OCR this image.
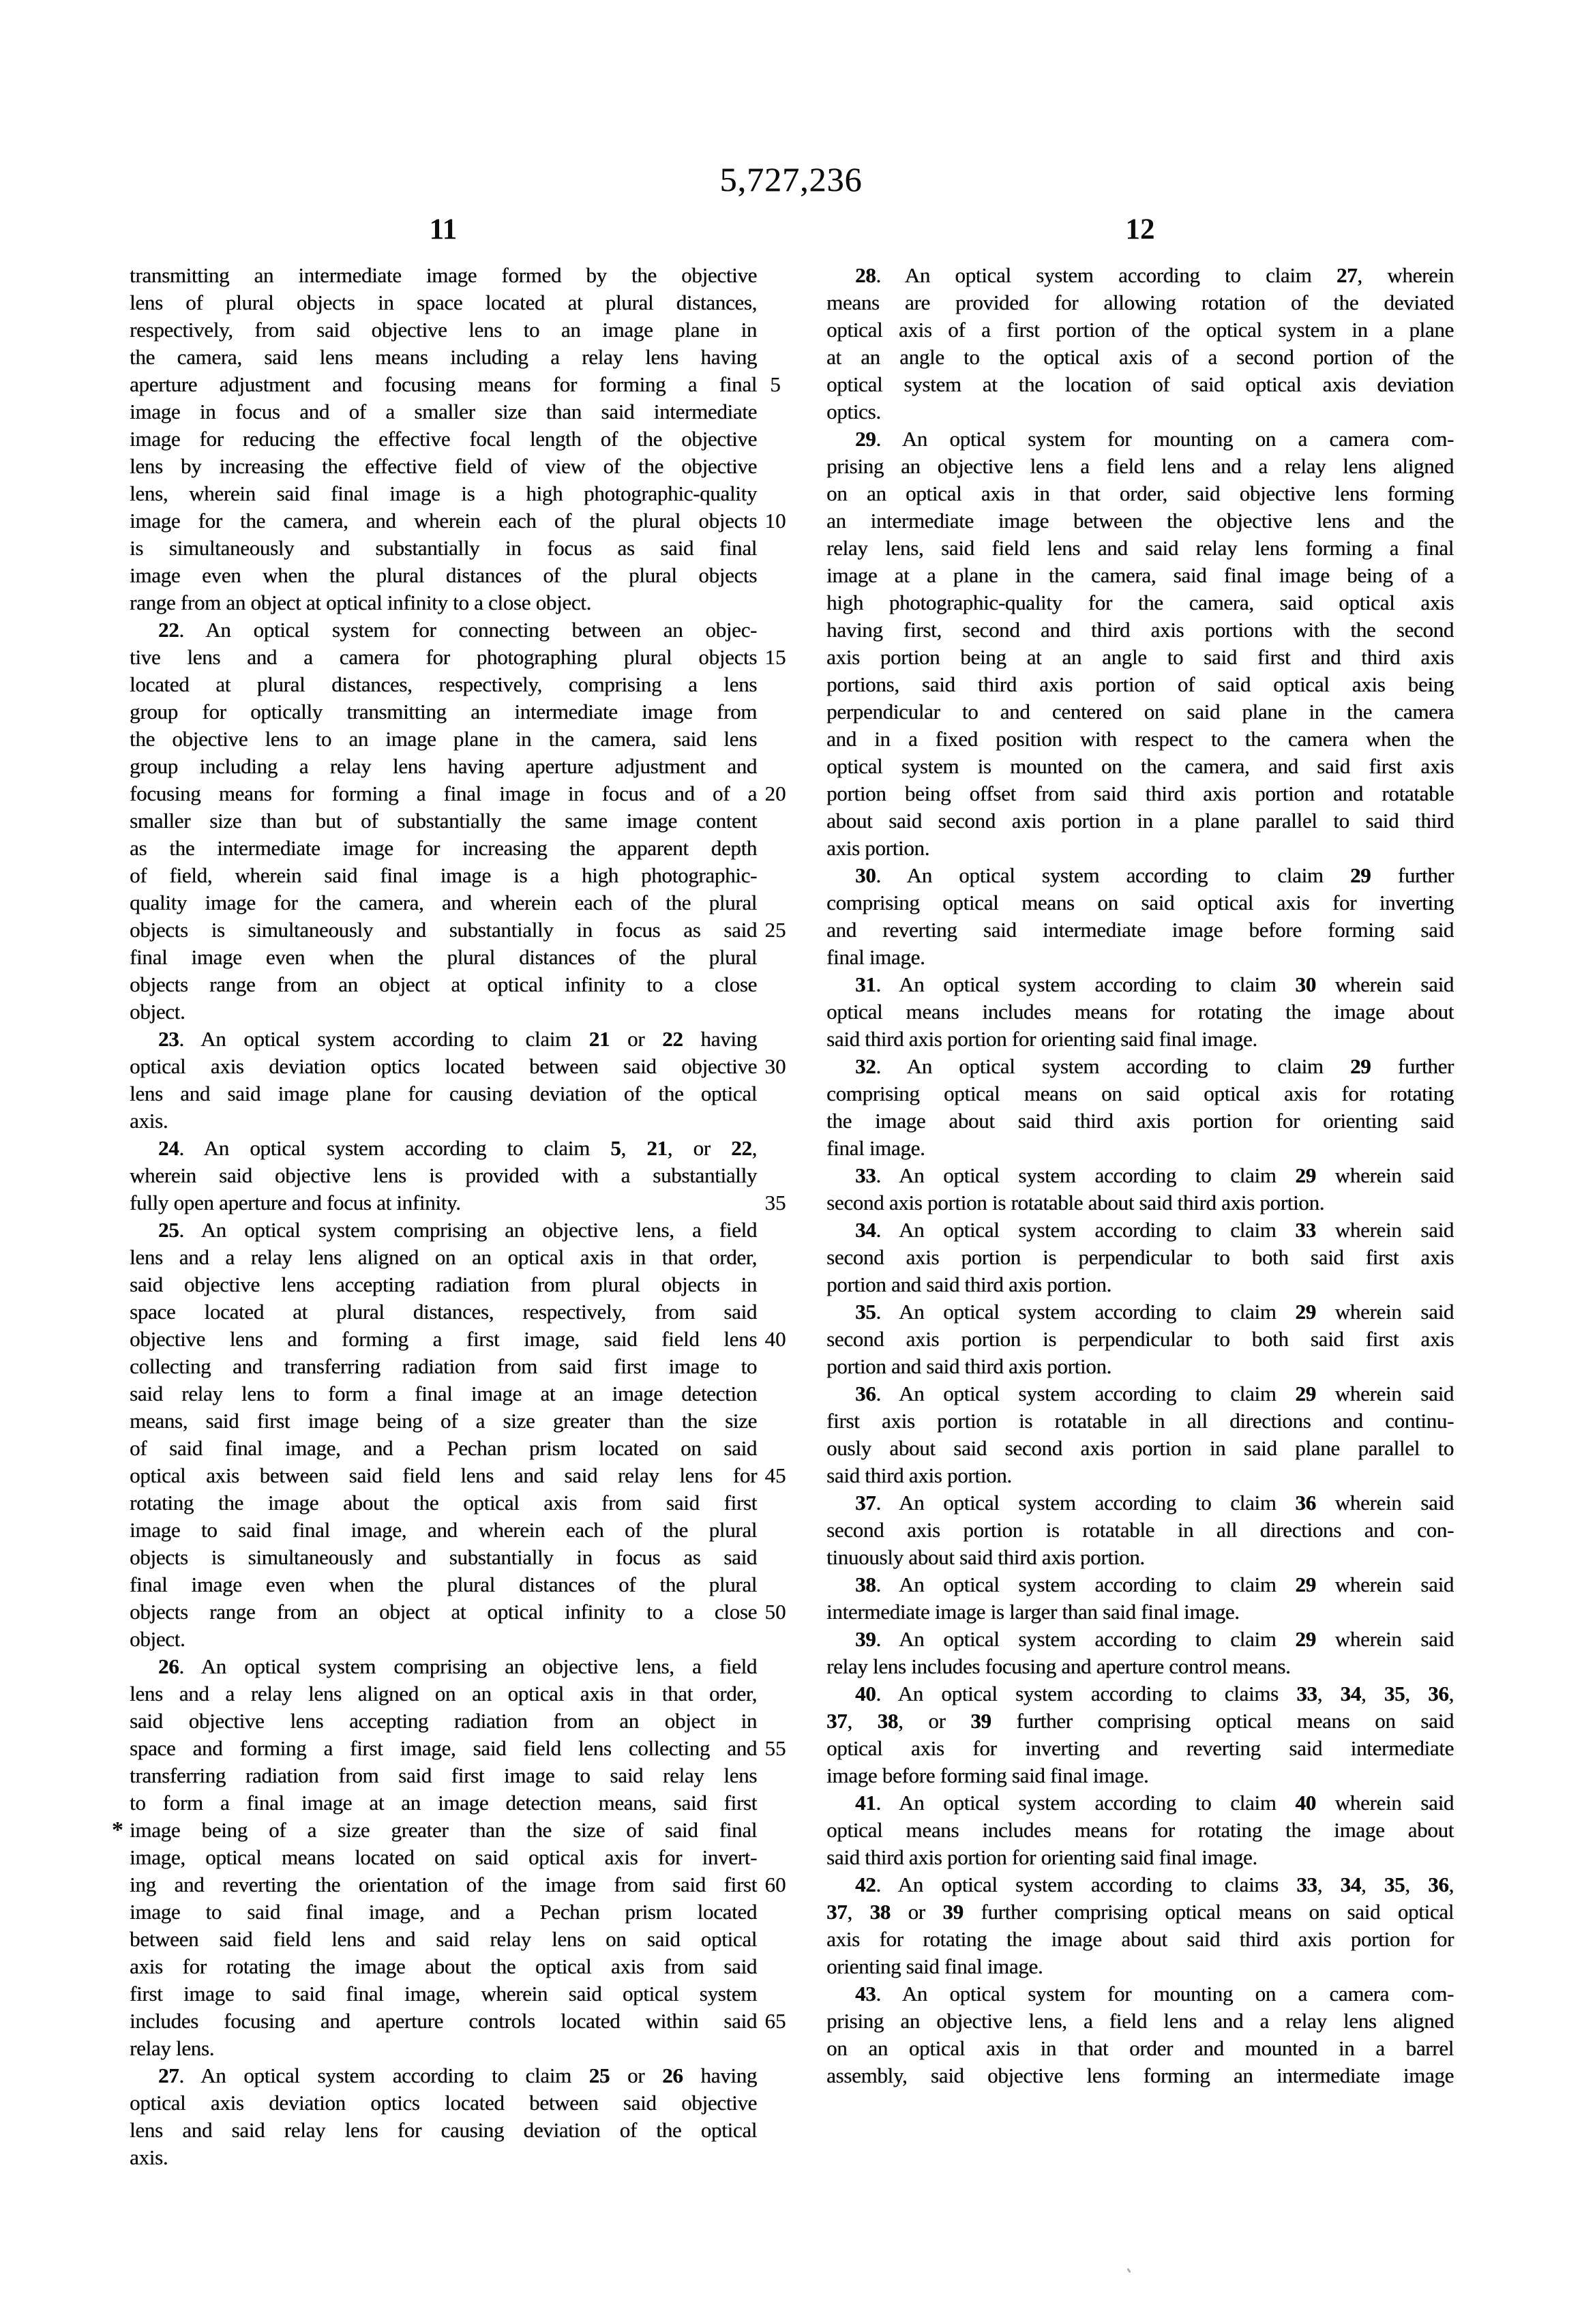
5,727,236
11	12
transmitting an intermediate image formed by the objective
lens of plural objects in space located at plural distances,
respectively, from said objective lens to an image plane in
the camera, said lens means including a relay lens having
aperture adjustment and focusing means for forming a final
image in focus and of a smaller size than said intermediate
image for reducing the effective focal length of the objective
lens by increasing the effective field of view of the objective
lens, wherein said final image is a high photographic-quality
image for the camera, and wherein each of the plural objects
is simultaneously and substantially in focus as said final
image even when the plural distances of the plural objects
range from an object at optical infinity to a close object.
22. An optical system for connecting between an objec-
tive lens and a camera for photographing plural objects
located at plural distances, respectively, comprising a lens
group for optically transmitting an intermediate image from
the objective lens to an image plane in the camera, said lens
group including a relay lens having aperture adjustment and
focusing means for forming a final image in focus and of a
smaller size than but of substantially the same image content
as the intermediate image for increasing the apparent depth
of field, wherein said final image is a high photographic-
quality image for the camera, and wherein each of the plural
objects is simultaneously and substantially in focus as said
final image even when the plural distances of the plural
objects range from an object at optical infinity to a close
object.
23. An optical system according to claim 21 or 22 having
optical axis deviation optics located between said objective
lens and said image plane for causing deviation of the optical
axis.
24. An optical system according to claim 5, 21, or 22,
wherein said objective lens is provided with a substantially
fully open aperture and focus at infinity.
25. An optical system comprising an objective lens, a field
lens and a relay lens aligned on an optical axis in that order,
said objective lens accepting radiation from plural objects in
space located at plural distances, respectively, from said
objective lens and forming a first image, said field lens
collecting and transferring radiation from said first image to
said relay lens to form a final image at an image detection
means, said first image being of a size greater than the size
of said final image, and a Pechan prism located on said
optical axis between said field lens and said relay lens for
rotating the image about the optical axis from said first
image to said final image, and wherein each of the plural
objects is simultaneously and substantially in focus as said
final image even when the plural distances of the plural
objects range from an object at optical infinity to a close
object.
26. An optical system comprising an objective lens, a field
lens and a relay lens aligned on an optical axis in that order,
said objective lens accepting radiation from an object in
space and forming a first image, said field lens collecting and
transferring radiation from said first image to said relay lens
to form a final image at an image detection means, said first
image being of a size greater than the size of said final
image, optical means located on said optical axis for invert-
ing and reverting the orientation of the image from said first
image to said final image, and a Pechan prism located
between said field lens and said relay lens on said optical
axis for rotating the image about the optical axis from said
first image to said final image, wherein said optical system
includes focusing and aperture controls located within said
relay lens.
27. An optical system according to claim 25 or 26 having
optical axis deviation optics located between said objective
lens and said relay lens for causing deviation of the optical
axis.
28. An optical system according to claim 27, wherein
means are provided for allowing rotation of the deviated
optical axis of a first portion of the optical system in a plane
at an angle to the optical axis of a second portion of the
optical system at the location of said optical axis deviation
optics.
29. An optical system for mounting on a camera com-
prising an objective lens a field lens and a relay lens aligned
on an optical axis in that order, said objective lens forming
an intermediate image between the objective lens and the
relay lens, said field lens and said relay lens forming a final
image at a plane in the camera, said final image being of a
high photographic-quality for the camera, said optical axis
having first, second and third axis portions with the second
axis portion being at an angle to said first and third axis
portions, said third axis portion of said optical axis being
perpendicular to and centered on said plane in the camera
and in a fixed position with respect to the camera when the
optical system is mounted on the camera, and said first axis
portion being offset from said third axis portion and rotatable
about said second axis portion in a plane parallel to said third
axis portion.
30. An optical system according to claim 29 further
comprising optical means on said optical axis for inverting
and reverting said intermediate image before forming said
final image.
31. An optical system according to claim 30 wherein said
optical means includes means for rotating the image about
said third axis portion for orienting said final image.
32. An optical system according to claim 29 further
comprising optical means on said optical axis for rotating
the image about said third axis portion for orienting said
final image.
33. An optical system according to claim 29 wherein said
second axis portion is rotatable about said third axis portion.
34. An optical system according to claim 33 wherein said
second axis portion is perpendicular to both said first axis
portion and said third axis portion.
35. An optical system according to claim 29 wherein said
second axis portion is perpendicular to both said first axis
portion and said third axis portion.
36. An optical system according to claim 29 wherein said
first axis portion is rotatable in all directions and continu-
ously about said second axis portion in said plane parallel to
said third axis portion.
37. An optical system according to claim 36 wherein said
second axis portion is rotatable in all directions and con-
tinuously about said third axis portion.
38. An optical system according to claim 29 wherein said
intermediate image is larger than said final image.
39. An optical system according to claim 29 wherein said
relay lens includes focusing and aperture control means.
40. An optical system according to claims 33, 34, 35, 36,
37, 38, or 39 further comprising optical means on said
optical axis for inverting and reverting said intermediate
image before forming said final image.
41. An optical system according to claim 40 wherein said
optical means includes means for rotating the image about
said third axis portion for orienting said final image.
42. An optical system according to claims 33, 34, 35, 36,
37, 38 or 39 further comprising optical means on said optical
axis for rotating the image about said third axis portion for
orienting said final image.
43. An optical system for mounting on a camera com-
prising an objective lens, a field lens and a relay lens aligned
on an optical axis in that order and mounted in a barrel
assembly, said objective lens forming an intermediate image
5
10
15
20
25
30
35
40
45
50
55
60
65
*
